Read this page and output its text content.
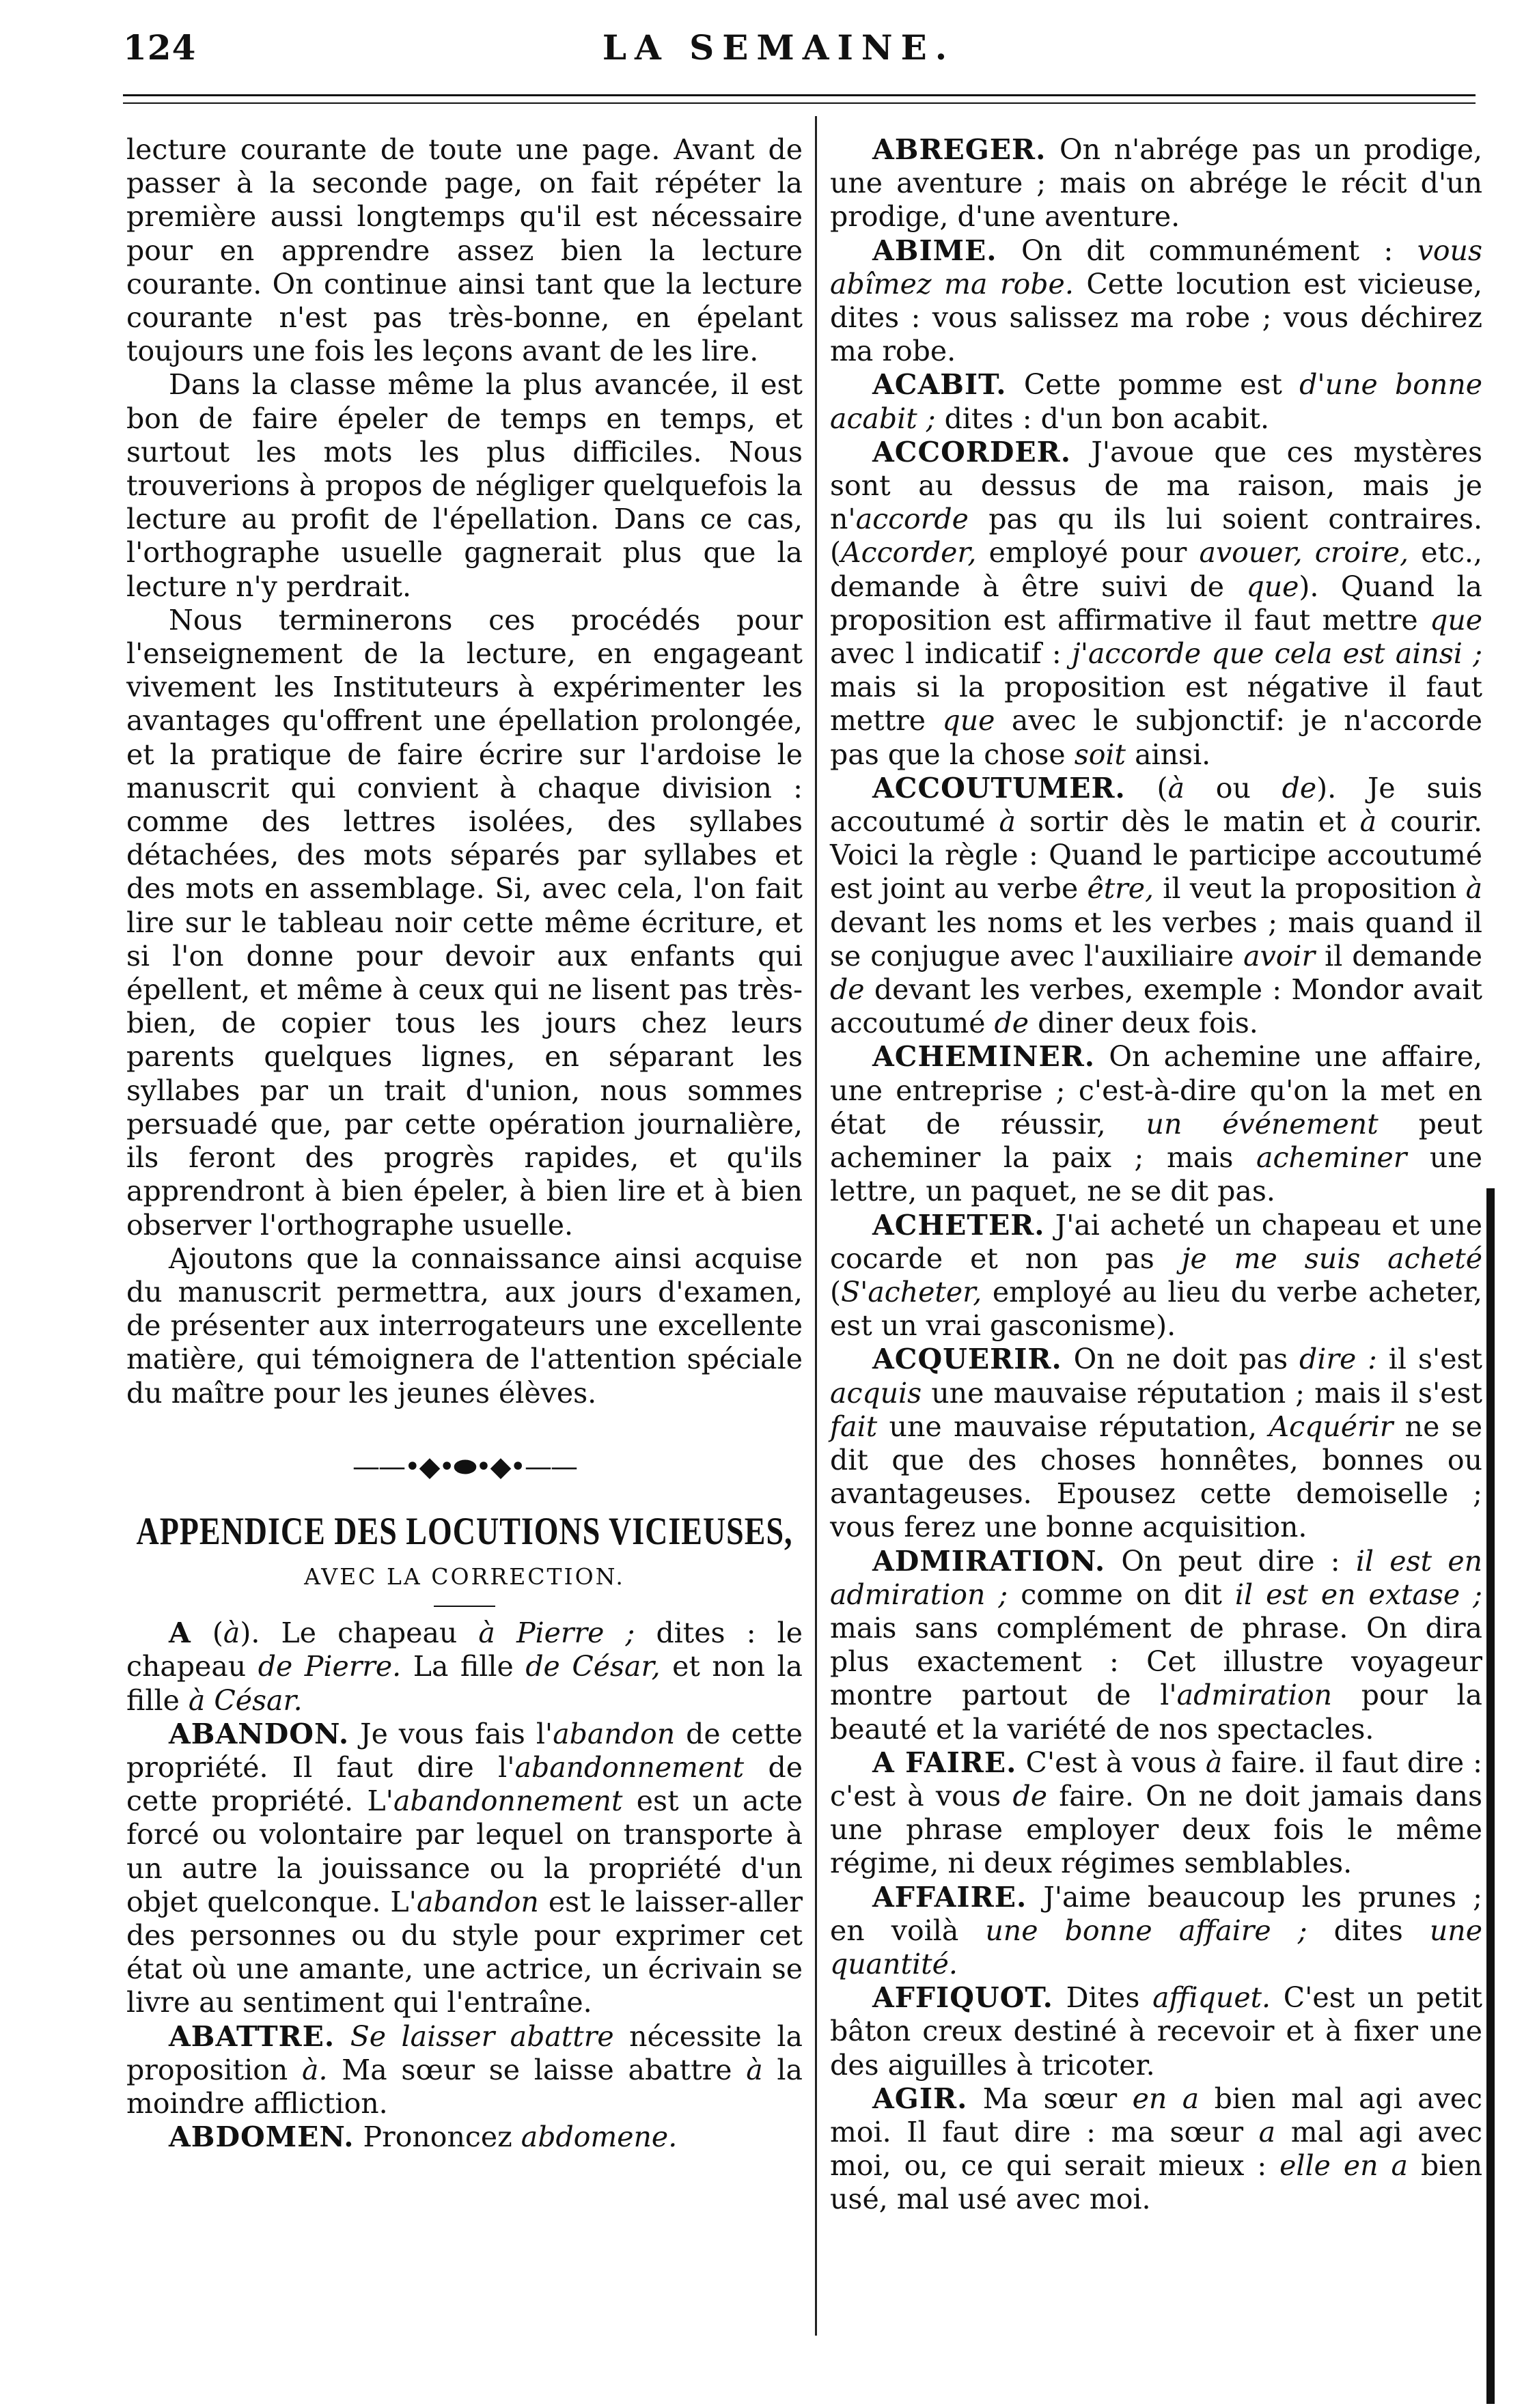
124	LA SEMAINE.

lecture courante de toute une page. Avant de passer à la seconde page, on fait répéter la première aussi longtemps qu'il est nécessaire pour en apprendre assez bien la lecture courante. On continue ainsi tant que la lecture courante n'est pas très-bonne, en épelant toujours une fois les leçons avant de les lire.

Dans la classe même la plus avancée, il est bon de faire épeler de temps en temps, et surtout les mots les plus difficiles. Nous trouverions à propos de négliger quelquefois la lecture au profit de l'épellation. Dans ce cas, l'orthographe usuelle gagnerait plus que la lecture n'y perdrait.

Nous terminerons ces procédés pour l'enseignement de la lecture, en engageant vivement les Instituteurs à expérimenter les avantages qu'offrent une épellation prolongée, et la pratique de faire écrire sur l'ardoise le manuscrit qui convient à chaque division : comme des lettres isolées, des syllabes détachées, des mots séparés par syllabes et des mots en assemblage. Si, avec cela, l'on fait lire sur le tableau noir cette même écriture, et si l'on donne pour devoir aux enfants qui épellent, et même à ceux qui ne lisent pas très-bien, de copier tous les jours chez leurs parents quelques lignes, en séparant les syllabes par un trait d'union, nous sommes persuadé que, par cette opération journalière, ils feront des progrès rapides, et qu'ils apprendront à bien épeler, à bien lire et à bien observer l'orthographe usuelle.

Ajoutons que la connaissance ainsi acquise du manuscrit permettra, aux jours d'examen, de présenter aux interrogateurs une excellente matière, qui témoignera de l'attention spéciale du maître pour les jeunes élèves.

——•◆•⬬•◆•——

APPENDICE DES LOCUTIONS VICIEUSES,

AVEC LA CORRECTION.

A (à). Le chapeau à Pierre ; dites : le chapeau de Pierre. La fille de César, et non la fille à César.

ABANDON. Je vous fais l'abandon de cette propriété. Il faut dire l'abandonnement de cette propriété. L'abandonnement est un acte forcé ou volontaire par lequel on transporte à un autre la jouissance ou la propriété d'un objet quelconque. L'abandon est le laisser-aller des personnes ou du style pour exprimer cet état où une amante, une actrice, un écrivain se livre au sentiment qui l'entraîne.

ABATTRE. Se laisser abattre nécessite la proposition à. Ma sœur se laisse abattre à la moindre affliction.

ABDOMEN. Prononcez abdomene.

ABREGER. On n'abrége pas un prodige, une aventure ; mais on abrége le récit d'un prodige, d'une aventure.

ABIME. On dit communément : vous abîmez ma robe. Cette locution est vicieuse, dites : vous salissez ma robe ; vous déchirez ma robe.

ACABIT. Cette pomme est d'une bonne acabit ; dites : d'un bon acabit.

ACCORDER. J'avoue que ces mystères sont au dessus de ma raison, mais je n'accorde pas qu ils lui soient contraires. (Accorder, employé pour avouer, croire, etc., demande à être suivi de que). Quand la proposition est affirmative il faut mettre que avec l indicatif : j'accorde que cela est ainsi ; mais si la proposition est négative il faut mettre que avec le subjonctif: je n'accorde pas que la chose soit ainsi.

ACCOUTUMER. (à ou de). Je suis accoutumé à sortir dès le matin et à courir. Voici la règle : Quand le participe accoutumé est joint au verbe être, il veut la proposition à devant les noms et les verbes ; mais quand il se conjugue avec l'auxiliaire avoir il demande de devant les verbes, exemple : Mondor avait accoutumé de diner deux fois.

ACHEMINER. On achemine une affaire, une entreprise ; c'est-à-dire qu'on la met en état de réussir, un événement peut acheminer la paix ; mais acheminer une lettre, un paquet, ne se dit pas.

ACHETER. J'ai acheté un chapeau et une cocarde et non pas je me suis acheté (S'acheter, employé au lieu du verbe acheter, est un vrai gasconisme).

ACQUERIR. On ne doit pas dire : il s'est acquis une mauvaise réputation ; mais il s'est fait une mauvaise réputation, Acquérir ne se dit que des choses honnêtes, bonnes ou avantageuses. Epousez cette demoiselle ; vous ferez une bonne acquisition.

ADMIRATION. On peut dire : il est en admiration ; comme on dit il est en extase ; mais sans complément de phrase. On dira plus exactement : Cet illustre voyageur montre partout de l'admiration pour la beauté et la variété de nos spectacles.

A FAIRE. C'est à vous à faire. il faut dire : c'est à vous de faire. On ne doit jamais dans une phrase employer deux fois le même régime, ni deux régimes semblables.

AFFAIRE. J'aime beaucoup les prunes ; en voilà une bonne affaire ; dites une quantité.

AFFIQUOT. Dites affiquet. C'est un petit bâton creux destiné à recevoir et à fixer une des aiguilles à tricoter.

AGIR. Ma sœur en a bien mal agi avec moi. Il faut dire : ma sœur a mal agi avec moi, ou, ce qui serait mieux : elle en a bien usé, mal usé avec moi.
